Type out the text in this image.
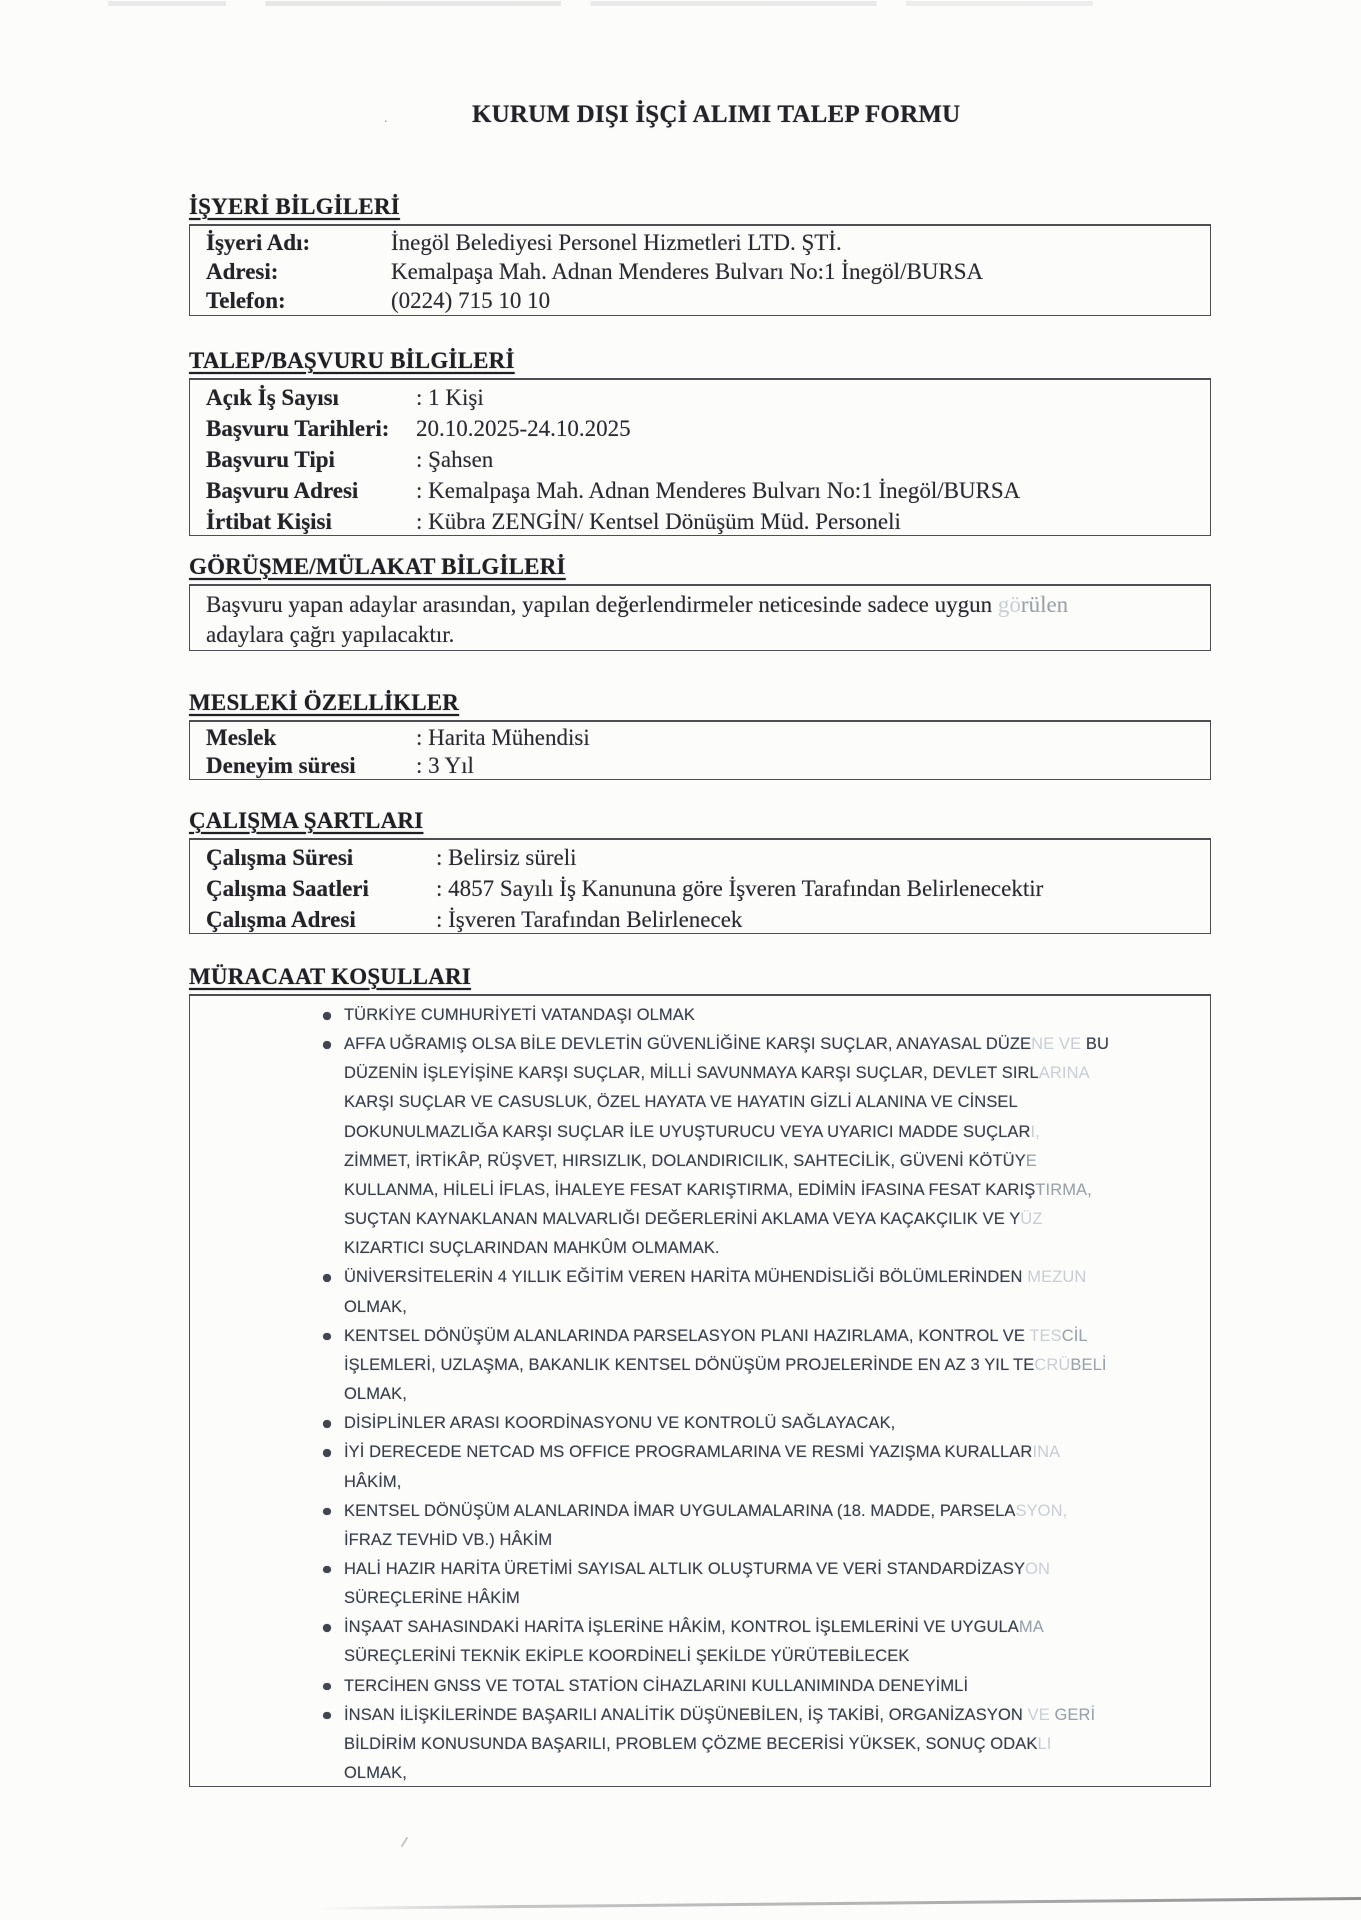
.	KURUM DIŞI İŞÇİ ALIMI TALEP FORMU
İŞYERİ BİLGİLERİ
İşyeri Adı:	İnegöl Belediyesi Personel Hizmetleri LTD. ŞTİ.
Adresi:	Kemalpaşa Mah. Adnan Menderes Bulvarı No:1 İnegöl/BURSA
Telefon:	(0224) 715 10 10
TALEP/BAŞVURU BİLGİLERİ
Açık İş Sayısı	: 1 Kişi
Başvuru Tarihleri:	20.10.2025-24.10.2025
Başvuru Tipi	: Şahsen
Başvuru Adresi	: Kemalpaşa Mah. Adnan Menderes Bulvarı No:1 İnegöl/BURSA
İrtibat Kişisi	: Kübra ZENGİN/ Kentsel Dönüşüm Müd. Personeli
GÖRÜŞME/MÜLAKAT BİLGİLERİ
Başvuru yapan adaylar arasından, yapılan değerlendirmeler neticesinde sadece uygun görülen
adaylara çağrı yapılacaktır.
MESLEKİ ÖZELLİKLER
Meslek	: Harita Mühendisi
Deneyim süresi	: 3 Yıl
ÇALIŞMA ŞARTLARI
Çalışma Süresi	: Belirsiz süreli
Çalışma Saatleri	: 4857 Sayılı İş Kanununa göre İşveren Tarafından Belirlenecektir
Çalışma Adresi	: İşveren Tarafından Belirlenecek
MÜRACAAT KOŞULLARI
TÜRKİYE CUMHURİYETİ VATANDAŞI OLMAK
AFFA UĞRAMIŞ OLSA BİLE DEVLETİN GÜVENLİĞİNE KARŞI SUÇLAR, ANAYASAL DÜZENE VE BU
DÜZENİN İŞLEYİŞİNE KARŞI SUÇLAR, MİLLİ SAVUNMAYA KARŞI SUÇLAR, DEVLET SIRLARINA
KARŞI SUÇLAR VE CASUSLUK, ÖZEL HAYATA VE HAYATIN GİZLİ ALANINA VE CİNSEL
DOKUNULMAZLIĞA KARŞI SUÇLAR İLE UYUŞTURUCU VEYA UYARICI MADDE SUÇLARI,
ZİMMET, İRTİKÂP, RÜŞVET, HIRSIZLIK, DOLANDIRICILIK, SAHTECİLİK, GÜVENİ KÖTÜYE
KULLANMA, HİLELİ İFLAS, İHALEYE FESAT KARIŞTIRMA, EDİMİN İFASINA FESAT KARIŞTIRMA,
SUÇTAN KAYNAKLANAN MALVARLIĞI DEĞERLERİNİ AKLAMA VEYA KAÇAKÇILIK VE YÜZ
KIZARTICI SUÇLARINDAN MAHKÛM OLMAMAK.
ÜNİVERSİTELERİN 4 YILLIK EĞİTİM VEREN HARİTA MÜHENDİSLİĞİ BÖLÜMLERİNDEN MEZUN
OLMAK,
KENTSEL DÖNÜŞÜM ALANLARINDA PARSELASYON PLANI HAZIRLAMA, KONTROL VE TESCİL
İŞLEMLERİ, UZLAŞMA, BAKANLIK KENTSEL DÖNÜŞÜM PROJELERİNDE EN AZ 3 YIL TECRÜBELİ
OLMAK,
DİSİPLİNLER ARASI KOORDİNASYONU VE KONTROLÜ SAĞLAYACAK,
İYİ DERECEDE NETCAD MS OFFICE PROGRAMLARINA VE RESMİ YAZIŞMA KURALLARINA
HÂKİM,
KENTSEL DÖNÜŞÜM ALANLARINDA İMAR UYGULAMALARINA (18. MADDE, PARSELASYON,
İFRAZ TEVHİD VB.) HÂKİM
HALİ HAZIR HARİTA ÜRETİMİ SAYISAL ALTLIK OLUŞTURMA VE VERİ STANDARDİZASYON
SÜREÇLERİNE HÂKİM
İNŞAAT SAHASINDAKİ HARİTA İŞLERİNE HÂKİM, KONTROL İŞLEMLERİNİ VE UYGULAMA
SÜREÇLERİNİ TEKNİK EKİPLE KOORDİNELİ ŞEKİLDE YÜRÜTEBİLECEK
TERCİHEN GNSS VE TOTAL STATİON CİHAZLARINI KULLANIMINDA DENEYİMLİ
İNSAN İLİŞKİLERİNDE BAŞARILI ANALİTİK DÜŞÜNEBİLEN, İŞ TAKİBİ, ORGANİZASYON VE GERİ
BİLDİRİM KONUSUNDA BAŞARILI, PROBLEM ÇÖZME BECERİSİ YÜKSEK, SONUÇ ODAKLI
OLMAK,
